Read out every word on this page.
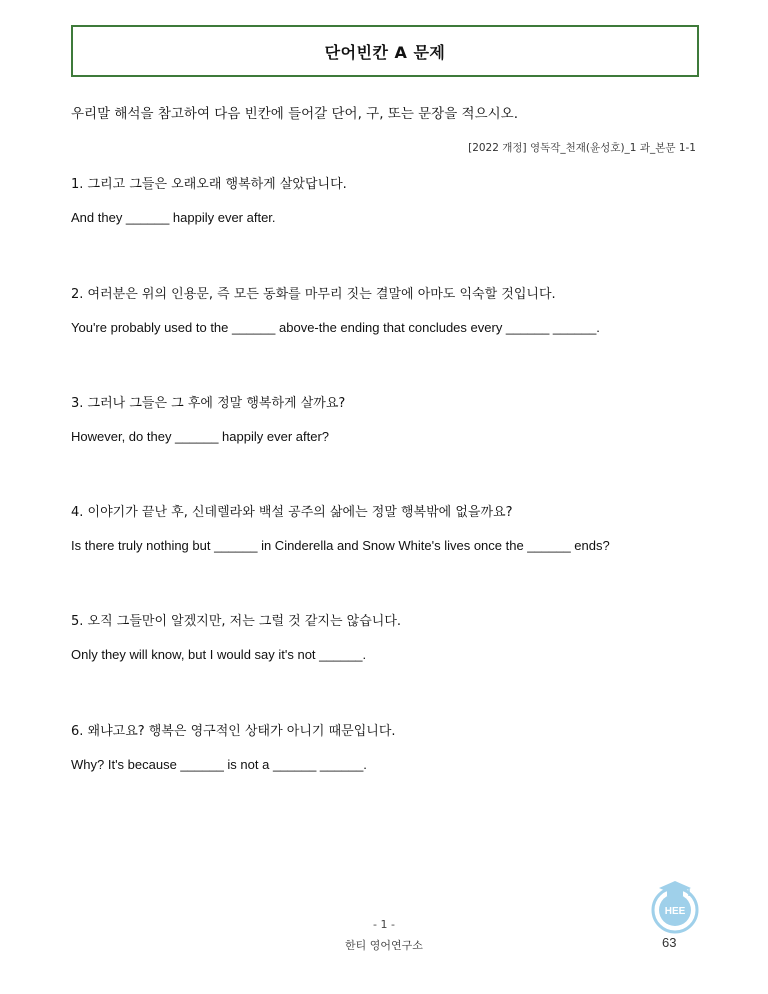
단어빈칸 A 문제
우리말 해석을 참고하여 다음 빈칸에 들어갈 단어, 구, 또는 문장을 적으시오.
[2022 개정] 영독작_천재(윤성호)_1 과_본문 1-1
1. 그리고 그들은 오래오래 행복하게 살았답니다.
And they ______ happily ever after.
2. 여러분은 위의 인용문, 즉 모든 동화를 마무리 짓는 결말에 아마도 익숙할 것입니다.
You're probably used to the ______ above-the ending that concludes every ______ ______.
3. 그러나 그들은 그 후에 정말 행복하게 살까요?
However, do they ______ happily ever after?
4. 이야기가 끝난 후, 신데렐라와 백설 공주의 삶에는 정말 행복밖에 없을까요?
Is there truly nothing but ______ in Cinderella and Snow White's lives once the ______ ends?
5. 오직 그들만이 알겠지만, 저는 그럴 것 같지는 않습니다.
Only they will know, but I would say it's not ______.
6. 왜냐고요? 행복은 영구적인 상태가 아니기 때문입니다.
Why? It's because ______ is not a ______ ______.
HEE
- 1 -
한티 영어연구소	63
